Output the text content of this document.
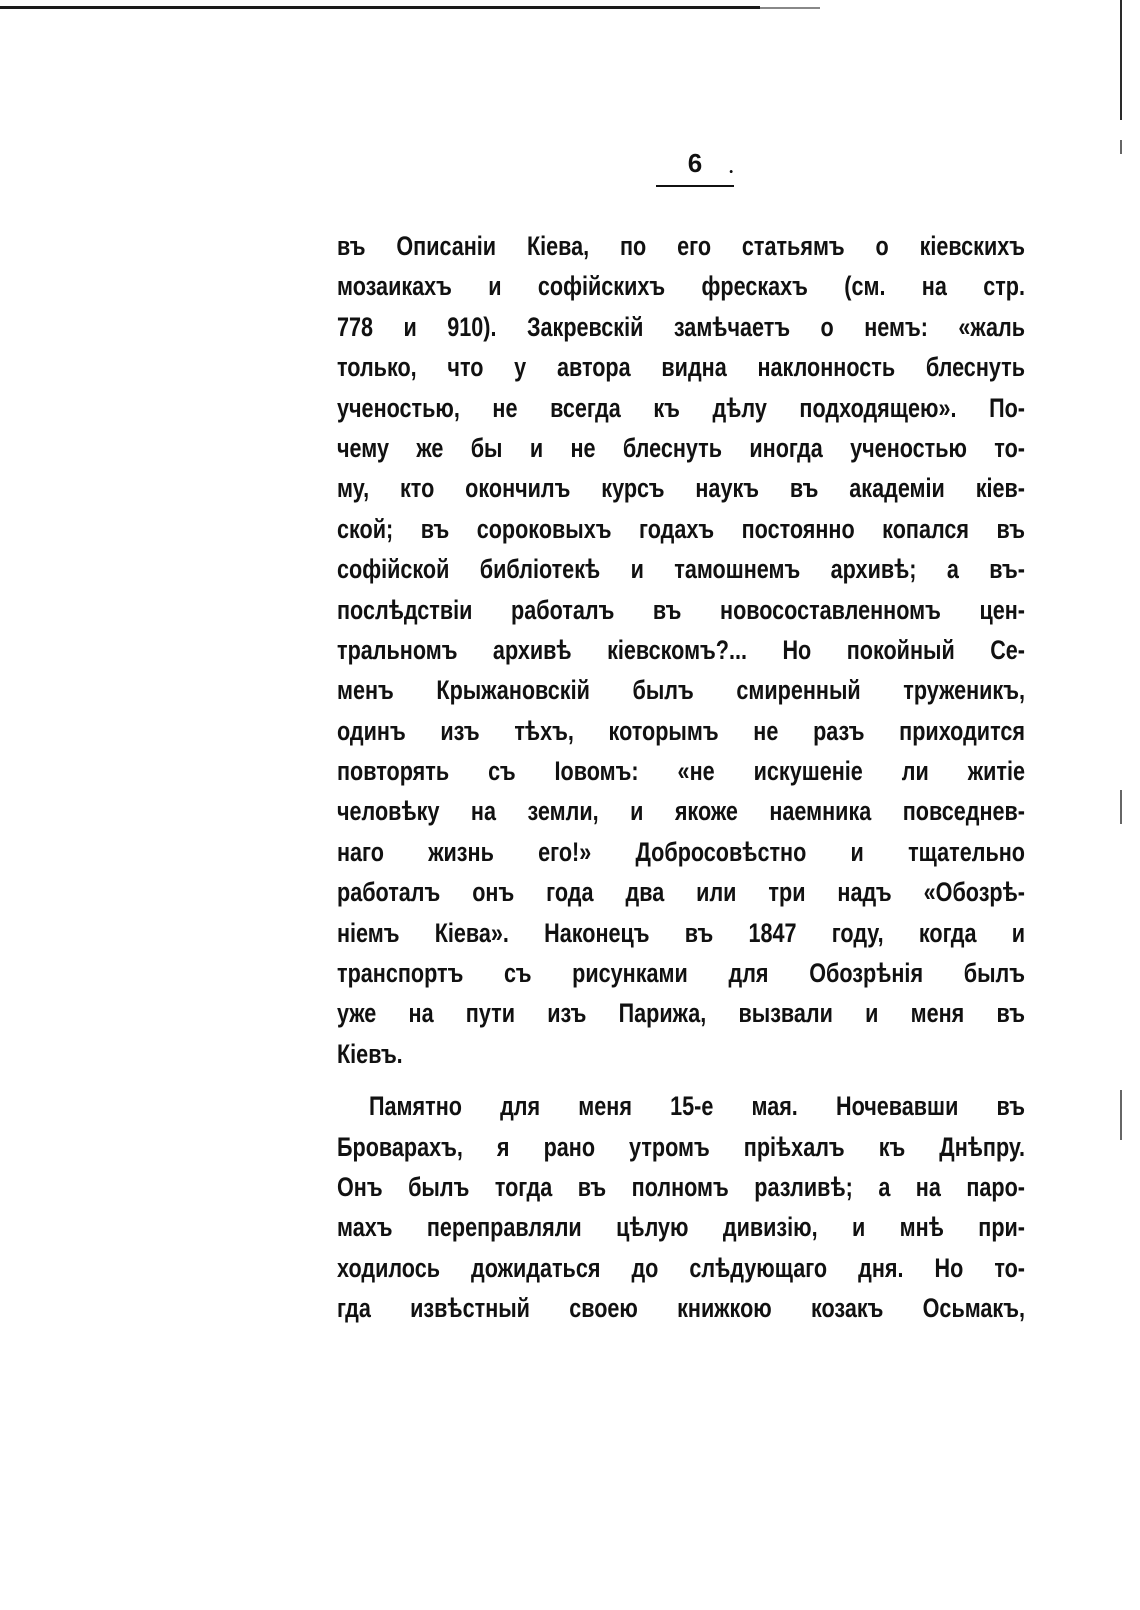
6 .
въ Описаніи Кіева, по его статьямъ о кіевскихъ
мозаикахъ и софійскихъ фрескахъ (см. на стр.
778 и 910). Закревскій замѣчаетъ о немъ: «жаль
только, что у автора видна наклонность блеснуть
ученостью, не всегда къ дѣлу подходящею». По-
чему же бы и не блеснуть иногда ученостью то-
му, кто окончилъ курсъ наукъ въ академіи кіев-
ской; въ сороковыхъ годахъ постоянно копался въ
софійской библіотекѣ и тамошнемъ архивѣ; а въ-
послѣдствіи работалъ въ новосоставленномъ цен-
тральномъ архивѣ кіевскомъ?... Но покойный Се-
менъ Крыжановскій былъ смиренный труженикъ,
одинъ изъ тѣхъ, которымъ не разъ приходится
повторять съ Іовомъ: «не искушеніе ли житіе
человѣку на земли, и якоже наемника повседнев-
наго жизнь его!» Добросовѣстно и тщательно
работалъ онъ года два или три надъ «Обозрѣ-
ніемъ Кіева». Наконецъ въ 1847 году, когда и
транспортъ съ рисунками для Обозрѣнія былъ
уже на пути изъ Парижа, вызвали и меня въ
Кіевъ.
Памятно для меня 15-е мая. Ночевавши въ
Броварахъ, я рано утромъ пріѣхалъ къ Днѣпру.
Онъ былъ тогда въ полномъ разливѣ; а на паро-
махъ переправляли цѣлую дивизію, и мнѣ при-
ходилось дожидаться до слѣдующаго дня. Но то-
гда извѣстный своею книжкою козакъ Осьмакъ,
